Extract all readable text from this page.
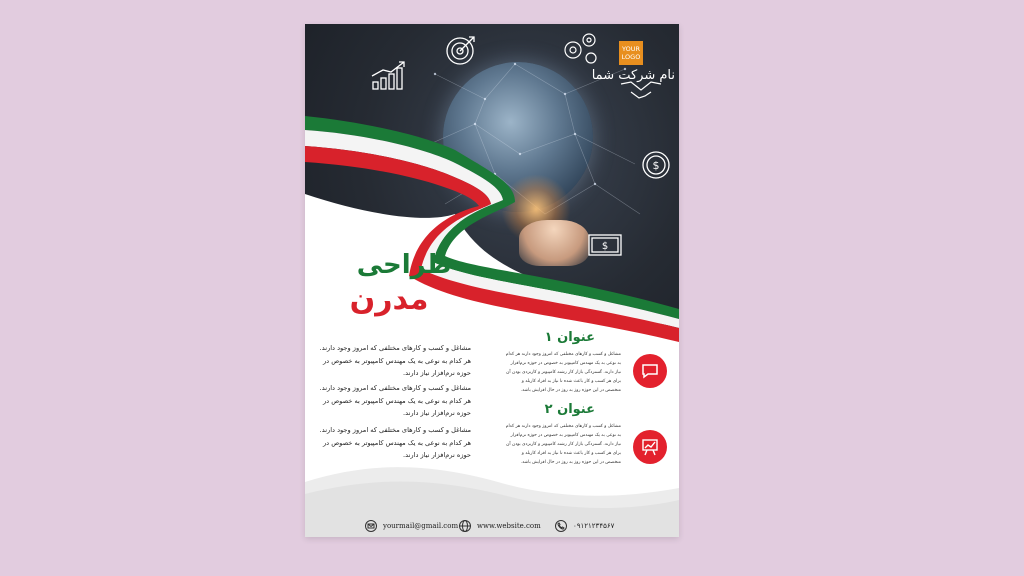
$
$
YOUR LOGO
نام شرکت شما
طراحی
مدرن
مشاغل و کسب و کارهای مختلفی که امروز وجود دارند.
هر کدام به نوعی به یک مهندس کامپیوتر به خصوص در
حوزه نرم‌افزار نیاز دارند.
مشاغل و کسب و کارهای مختلفی که امروز وجود دارند.
هر کدام به نوعی به یک مهندس کامپیوتر به خصوص در
حوزه نرم‌افزار نیاز دارند.
مشاغل و کسب و کارهای مختلفی که امروز وجود دارند.
هر کدام به نوعی به یک مهندس کامپیوتر به خصوص در
حوزه نرم‌افزار نیاز دارند.
عنوان ۱
مشاغل و کسب و کارهای مختلفی که امروز وجود دارند هر کدام به نوعی به یک مهندس کامپیوتر به خصوص در حوزه نرم‌افزار نیاز دارند. گستردگی بازار کار رشته کامپیوتر و کاربردی بودن آن برای هر کسب و کار باعث شده تا نیاز به افراد کاربلد و متخصص در این حوزه روز به روز در حال افزایش باشد.
عنوان ۲
مشاغل و کسب و کارهای مختلفی که امروز وجود دارند هر کدام به نوعی به یک مهندس کامپیوتر به خصوص در حوزه نرم‌افزار نیاز دارند. گستردگی بازار کار رشته کامپیوتر و کاربردی بودن آن برای هر کسب و کار باعث شده تا نیاز به افراد کاربلد و متخصص در این حوزه روز به روز در حال افزایش باشد.
yourmail@gmail.com	www.website.com	۰۹۱۲۱۲۳۴۵۶۷
